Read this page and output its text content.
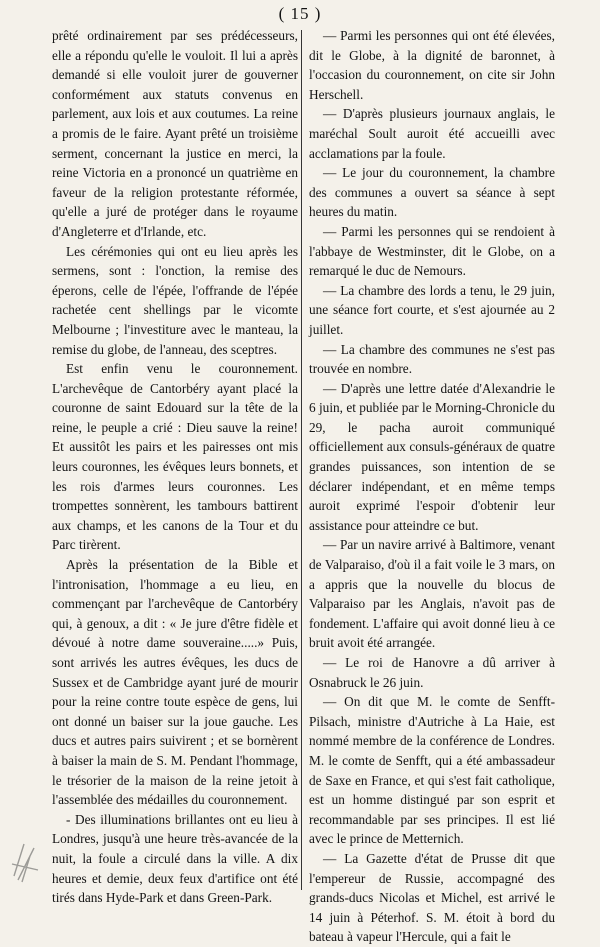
( 15 )

prêté ordinairement par ses prédécesseurs, elle a répondu qu'elle le vouloit. Il lui a après demandé si elle vouloit jurer de gouverner conformément aux statuts convenus en parlement, aux lois et aux coutumes. La reine a promis de le faire. Ayant prêté un troisième serment, concernant la justice en merci, la reine Victoria en a prononcé un quatrième en faveur de la religion protestante réformée, qu'elle a juré de protéger dans le royaume d'Angleterre et d'Irlande, etc.

Les cérémonies qui ont eu lieu après les sermens, sont : l'onction, la remise des éperons, celle de l'épée, l'offrande de l'épée rachetée cent shellings par le vicomte Melbourne ; l'investiture avec le manteau, la remise du globe, de l'anneau, des sceptres.

Est enfin venu le couronnement. L'archevêque de Cantorbéry ayant placé la couronne de saint Edouard sur la tête de la reine, le peuple a crié : Dieu sauve la reine! Et aussitôt les pairs et les pairesses ont mis leurs couronnes, les évêques leurs bonnets, et les rois d'armes leurs couronnes. Les trompettes sonnèrent, les tambours battirent aux champs, et les canons de la Tour et du Parc tirèrent.

Après la présentation de la Bible et l'intronisation, l'hommage a eu lieu, en commençant par l'archevêque de Cantorbéry qui, à genoux, a dit : « Je jure d'être fidèle et dévoué à notre dame souveraine.....» Puis, sont arrivés les autres évêques, les ducs de Sussex et de Cambridge ayant juré de mourir pour la reine contre toute espèce de gens, lui ont donné un baiser sur la joue gauche. Les ducs et autres pairs suivirent ; et se bornèrent à baiser la main de S. M. Pendant l'hommage, le trésorier de la maison de la reine jetoit à l'assemblée des médailles du couronnement.

- Des illuminations brillantes ont eu lieu à Londres, jusqu'à une heure très-avancée de la nuit, la foule a circulé dans la ville. A dix heures et demie, deux feux d'artifice ont été tirés dans Hyde-Park et dans Green-Park.

— Parmi les personnes qui ont été élevées, dit le Globe, à la dignité de baronnet, à l'occasion du couronnement, on cite sir John Herschell.

— D'après plusieurs journaux anglais, le maréchal Soult auroit été accueilli avec acclamations par la foule.

— Le jour du couronnement, la chambre des communes a ouvert sa séance à sept heures du matin.

— Parmi les personnes qui se rendoient à l'abbaye de Westminster, dit le Globe, on a remarqué le duc de Nemours.

— La chambre des lords a tenu, le 29 juin, une séance fort courte, et s'est ajournée au 2 juillet.

— La chambre des communes ne s'est pas trouvée en nombre.

— D'après une lettre datée d'Alexandrie le 6 juin, et publiée par le Morning-Chronicle du 29, le pacha auroit communiqué officiellement aux consuls-généraux de quatre grandes puissances, son intention de se déclarer indépendant, et en même temps auroit exprimé l'espoir d'obtenir leur assistance pour atteindre ce but.

— Par un navire arrivé à Baltimore, venant de Valparaiso, d'où il a fait voile le 3 mars, on a appris que la nouvelle du blocus de Valparaiso par les Anglais, n'avoit pas de fondement. L'affaire qui avoit donné lieu à ce bruit avoit été arrangée.

— Le roi de Hanovre a dû arriver à Osnabruck le 26 juin.

— On dit que M. le comte de Senfft-Pilsach, ministre d'Autriche à La Haie, est nommé membre de la conférence de Londres. M. le comte de Senfft, qui a été ambassadeur de Saxe en France, et qui s'est fait catholique, est un homme distingué par son esprit et recommandable par ses principes. Il est lié avec le prince de Metternich.

— La Gazette d'état de Prusse dit que l'empereur de Russie, accompagné des grands-ducs Nicolas et Michel, est arrivé le 14 juin à Péterhof. S. M. étoit à bord du bateau à vapeur l'Hercule, qui a fait le
